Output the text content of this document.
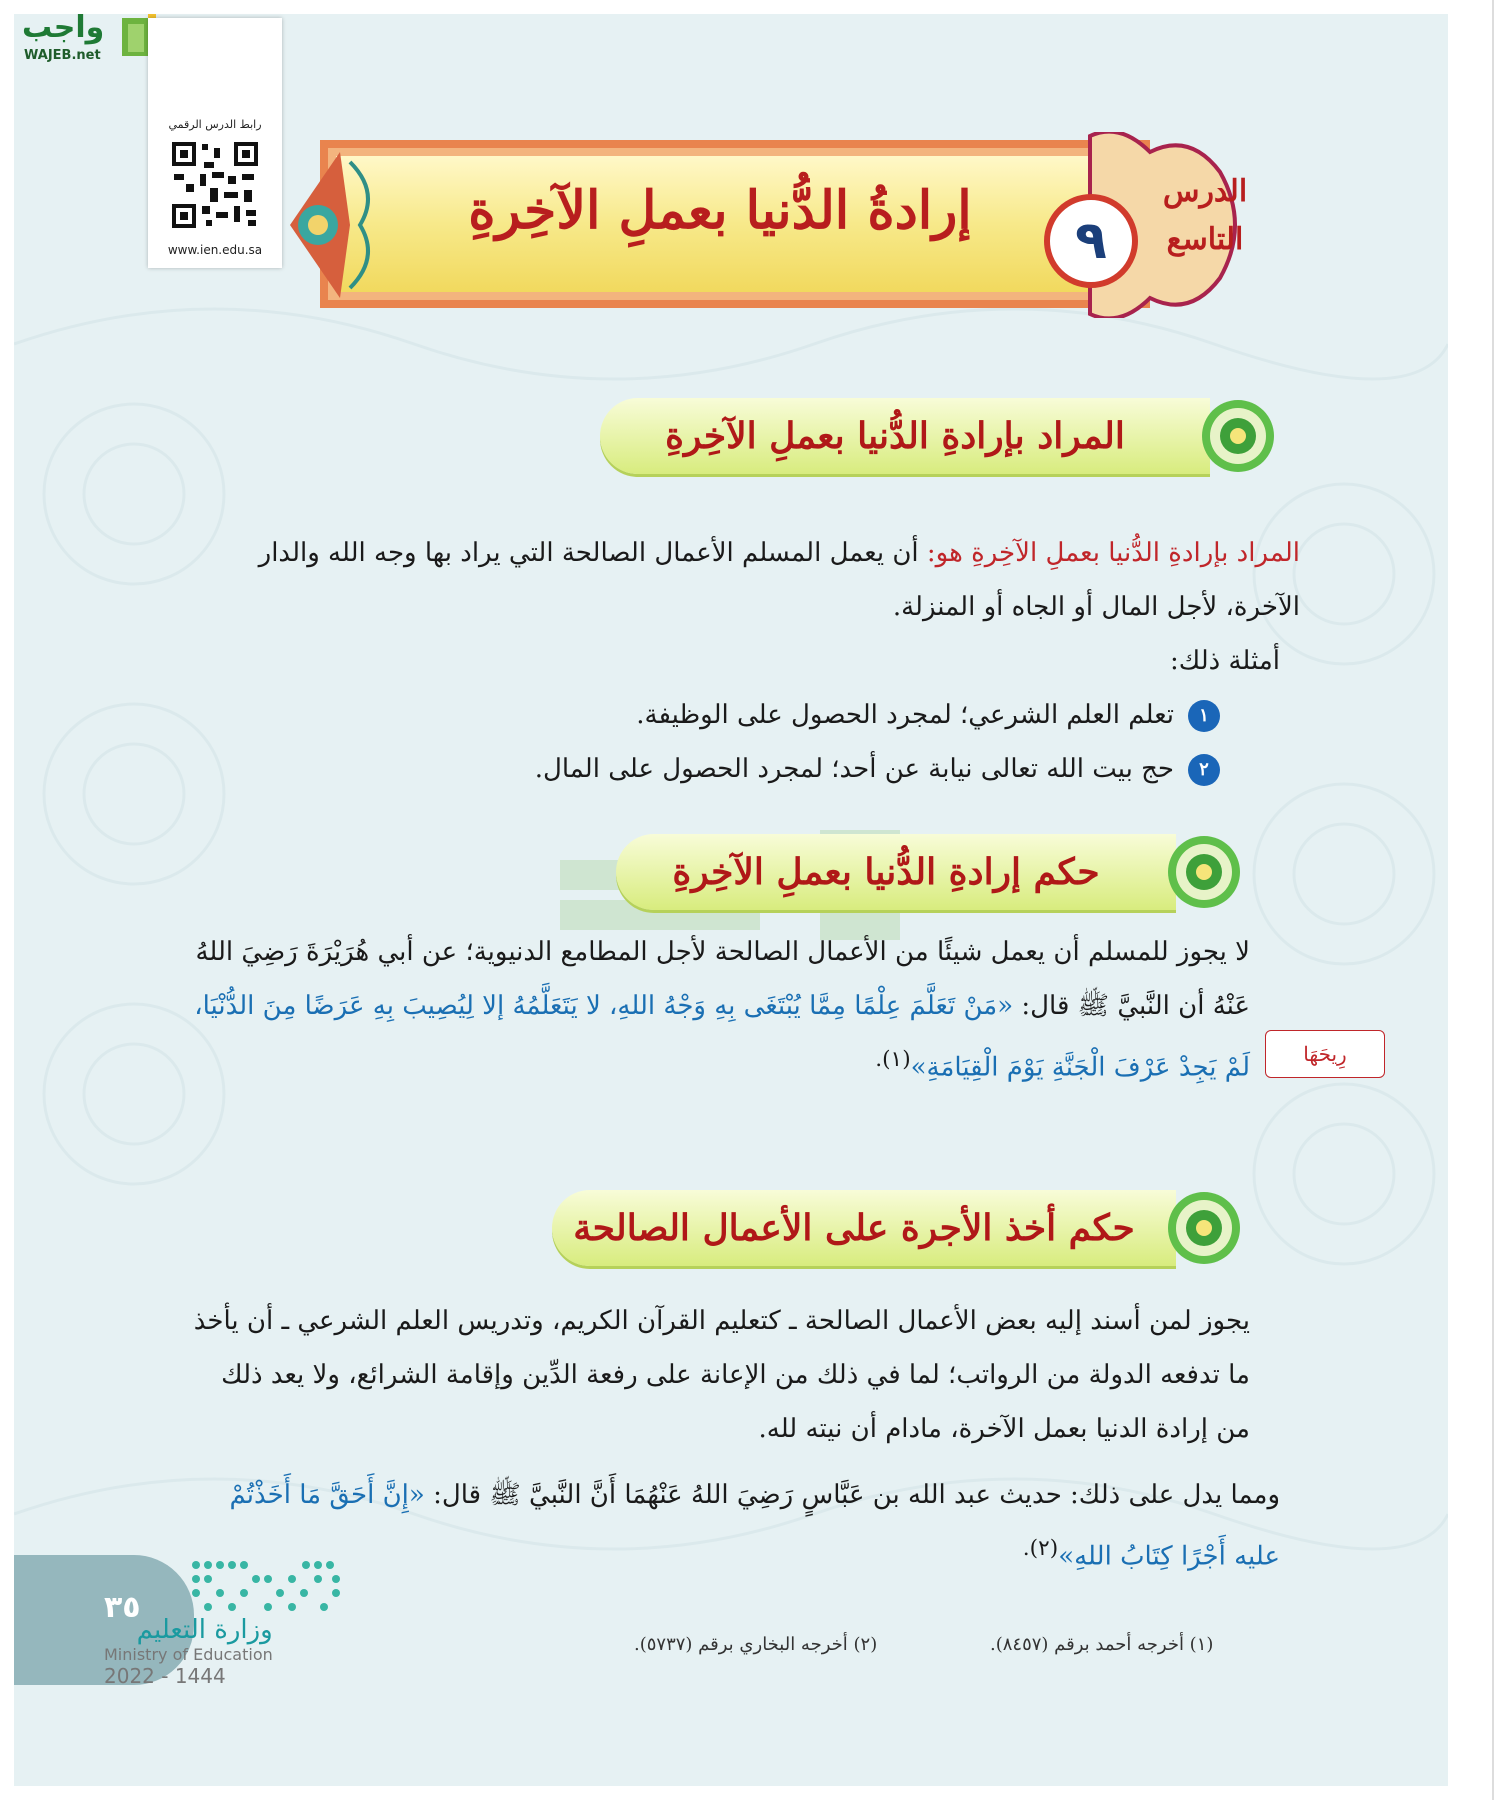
واجب
WAJEB.net
رابط الدرس الرقمي
www.ien.edu.sa	٩
الدرس
التاسع
إرادةُ الدُّنيا بعملِ الآخِرةِ
المراد بإرادةِ الدُّنيا بعملِ الآخِرةِ
المراد بإرادةِ الدُّنيا بعملِ الآخِرةِ هو: أن يعمل المسلم الأعمال الصالحة التي يراد بها وجه الله والدار الآخرة، لأجل المال أو الجاه أو المنزلة.
أمثلة ذلك:
١تعلم العلم الشرعي؛ لمجرد الحصول على الوظيفة.
٢حج بيت الله تعالى نيابة عن أحد؛ لمجرد الحصول على المال.
حكم إرادةِ الدُّنيا بعملِ الآخِرةِ
لا يجوز للمسلم أن يعمل شيئًا من الأعمال الصالحة لأجل المطامع الدنيوية؛ عن أبي هُرَيْرَةَ رَضِيَ اللهُ عَنْهُ أن النَّبيَّ ﷺ قال: «مَنْ تَعَلَّمَ عِلْمًا مِمَّا يُبْتَغَى بِهِ وَجْهُ اللهِ، لا يَتَعَلَّمُهُ إلا لِيُصِيبَ بِهِ عَرَضًا مِنَ الدُّنْيَا، لَمْ يَجِدْ عَرْفَ الْجَنَّةِ يَوْمَ الْقِيَامَةِ»$^{(١).}$	رِيحَهَا
حكم أخذ الأجرة على الأعمال الصالحة
يجوز لمن أسند إليه بعض الأعمال الصالحة ـ كتعليم القرآن الكريم، وتدريس العلم الشرعي ـ أن يأخذ ما تدفعه الدولة من الرواتب؛ لما في ذلك من الإعانة على رفعة الدِّين وإقامة الشرائع، ولا يعد ذلك من إرادة الدنيا بعمل الآخرة، مادام أن نيته لله.
ومما يدل على ذلك: حديث عبد الله بن عَبَّاسٍ رَضِيَ اللهُ عَنْهُمَا أَنَّ النَّبيَّ ﷺ قال: «إِنَّ أَحَقَّ مَا أَخَذْتُمْ عليه أَجْرًا كِتَابُ اللهِ»$^{(٢).}$
٣٥
وزارة التعليم
Ministry of Education
2022 - 1444
(١) أخرجه أحمد برقم (٨٤٥٧).
(٢) أخرجه البخاري برقم (٥٧٣٧).
